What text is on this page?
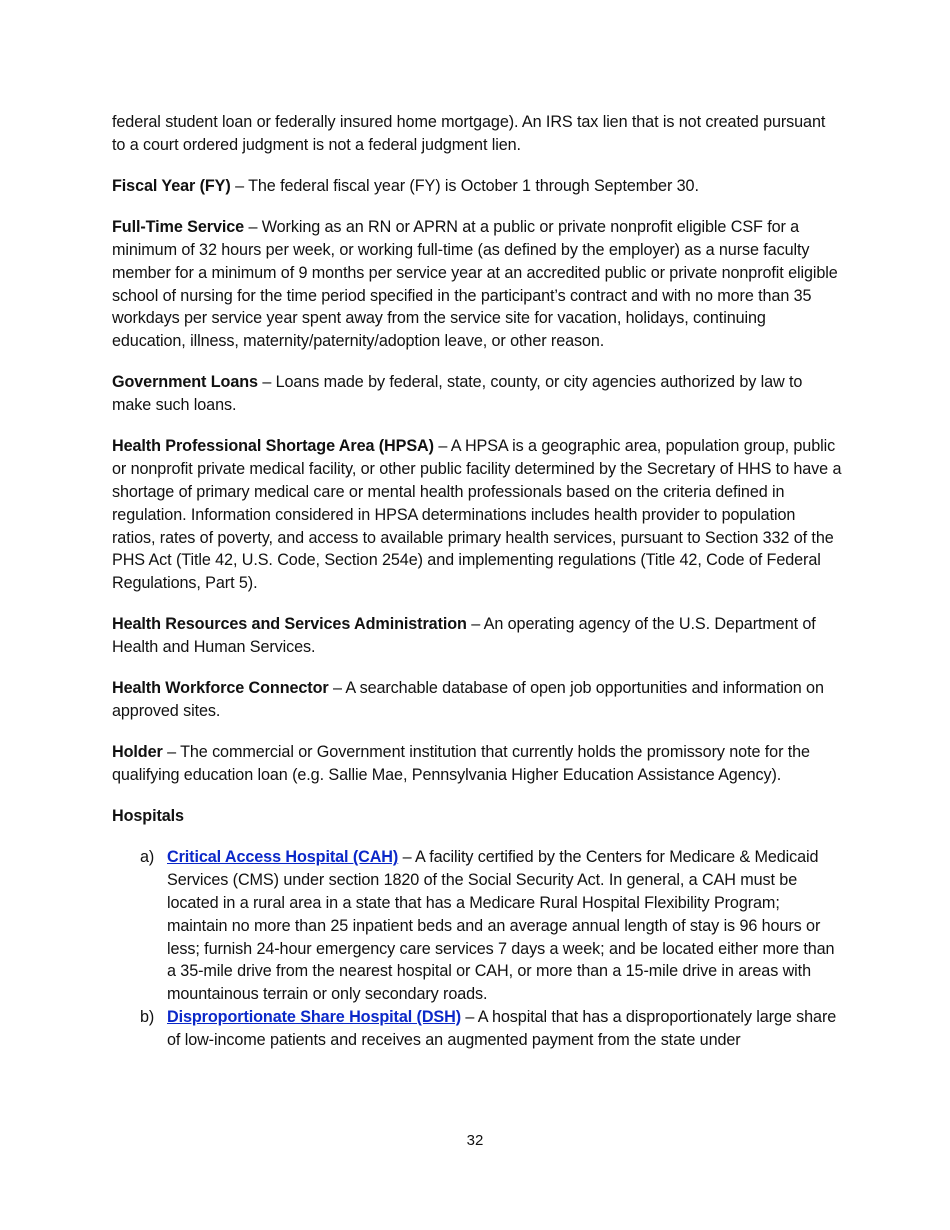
federal student loan or federally insured home mortgage). An IRS tax lien that is not created pursuant to a court ordered judgment is not a federal judgment lien.

Fiscal Year (FY) – The federal fiscal year (FY) is October 1 through September 30.

Full-Time Service – Working as an RN or APRN at a public or private nonprofit eligible CSF for a minimum of 32 hours per week, or working full-time (as defined by the employer) as a nurse faculty member for a minimum of 9 months per service year at an accredited public or private nonprofit eligible school of nursing for the time period specified in the participant’s contract and with no more than 35 workdays per service year spent away from the service site for vacation, holidays, continuing education, illness, maternity/paternity/adoption leave, or other reason.

Government Loans – Loans made by federal, state, county, or city agencies authorized by law to make such loans.

Health Professional Shortage Area (HPSA) – A HPSA is a geographic area, population group, public or nonprofit private medical facility, or other public facility determined by the Secretary of HHS to have a shortage of primary medical care or mental health professionals based on the criteria defined in regulation. Information considered in HPSA determinations includes health provider to population ratios, rates of poverty, and access to available primary health services, pursuant to Section 332 of the PHS Act (Title 42, U.S. Code, Section 254e) and implementing regulations (Title 42, Code of Federal Regulations, Part 5).

Health Resources and Services Administration – An operating agency of the U.S. Department of Health and Human Services.

Health Workforce Connector – A searchable database of open job opportunities and information on approved sites.

Holder – The commercial or Government institution that currently holds the promissory note for the qualifying education loan (e.g. Sallie Mae, Pennsylvania Higher Education Assistance Agency).

Hospitals

a) Critical Access Hospital (CAH) – A facility certified by the Centers for Medicare & Medicaid Services (CMS) under section 1820 of the Social Security Act. In general, a CAH must be located in a rural area in a state that has a Medicare Rural Hospital Flexibility Program; maintain no more than 25 inpatient beds and an average annual length of stay is 96 hours or less; furnish 24-hour emergency care services 7 days a week; and be located either more than a 35-mile drive from the nearest hospital or CAH, or more than a 15-mile drive in areas with mountainous terrain or only secondary roads.
b) Disproportionate Share Hospital (DSH) – A hospital that has a disproportionately large share of low-income patients and receives an augmented payment from the state under
32
